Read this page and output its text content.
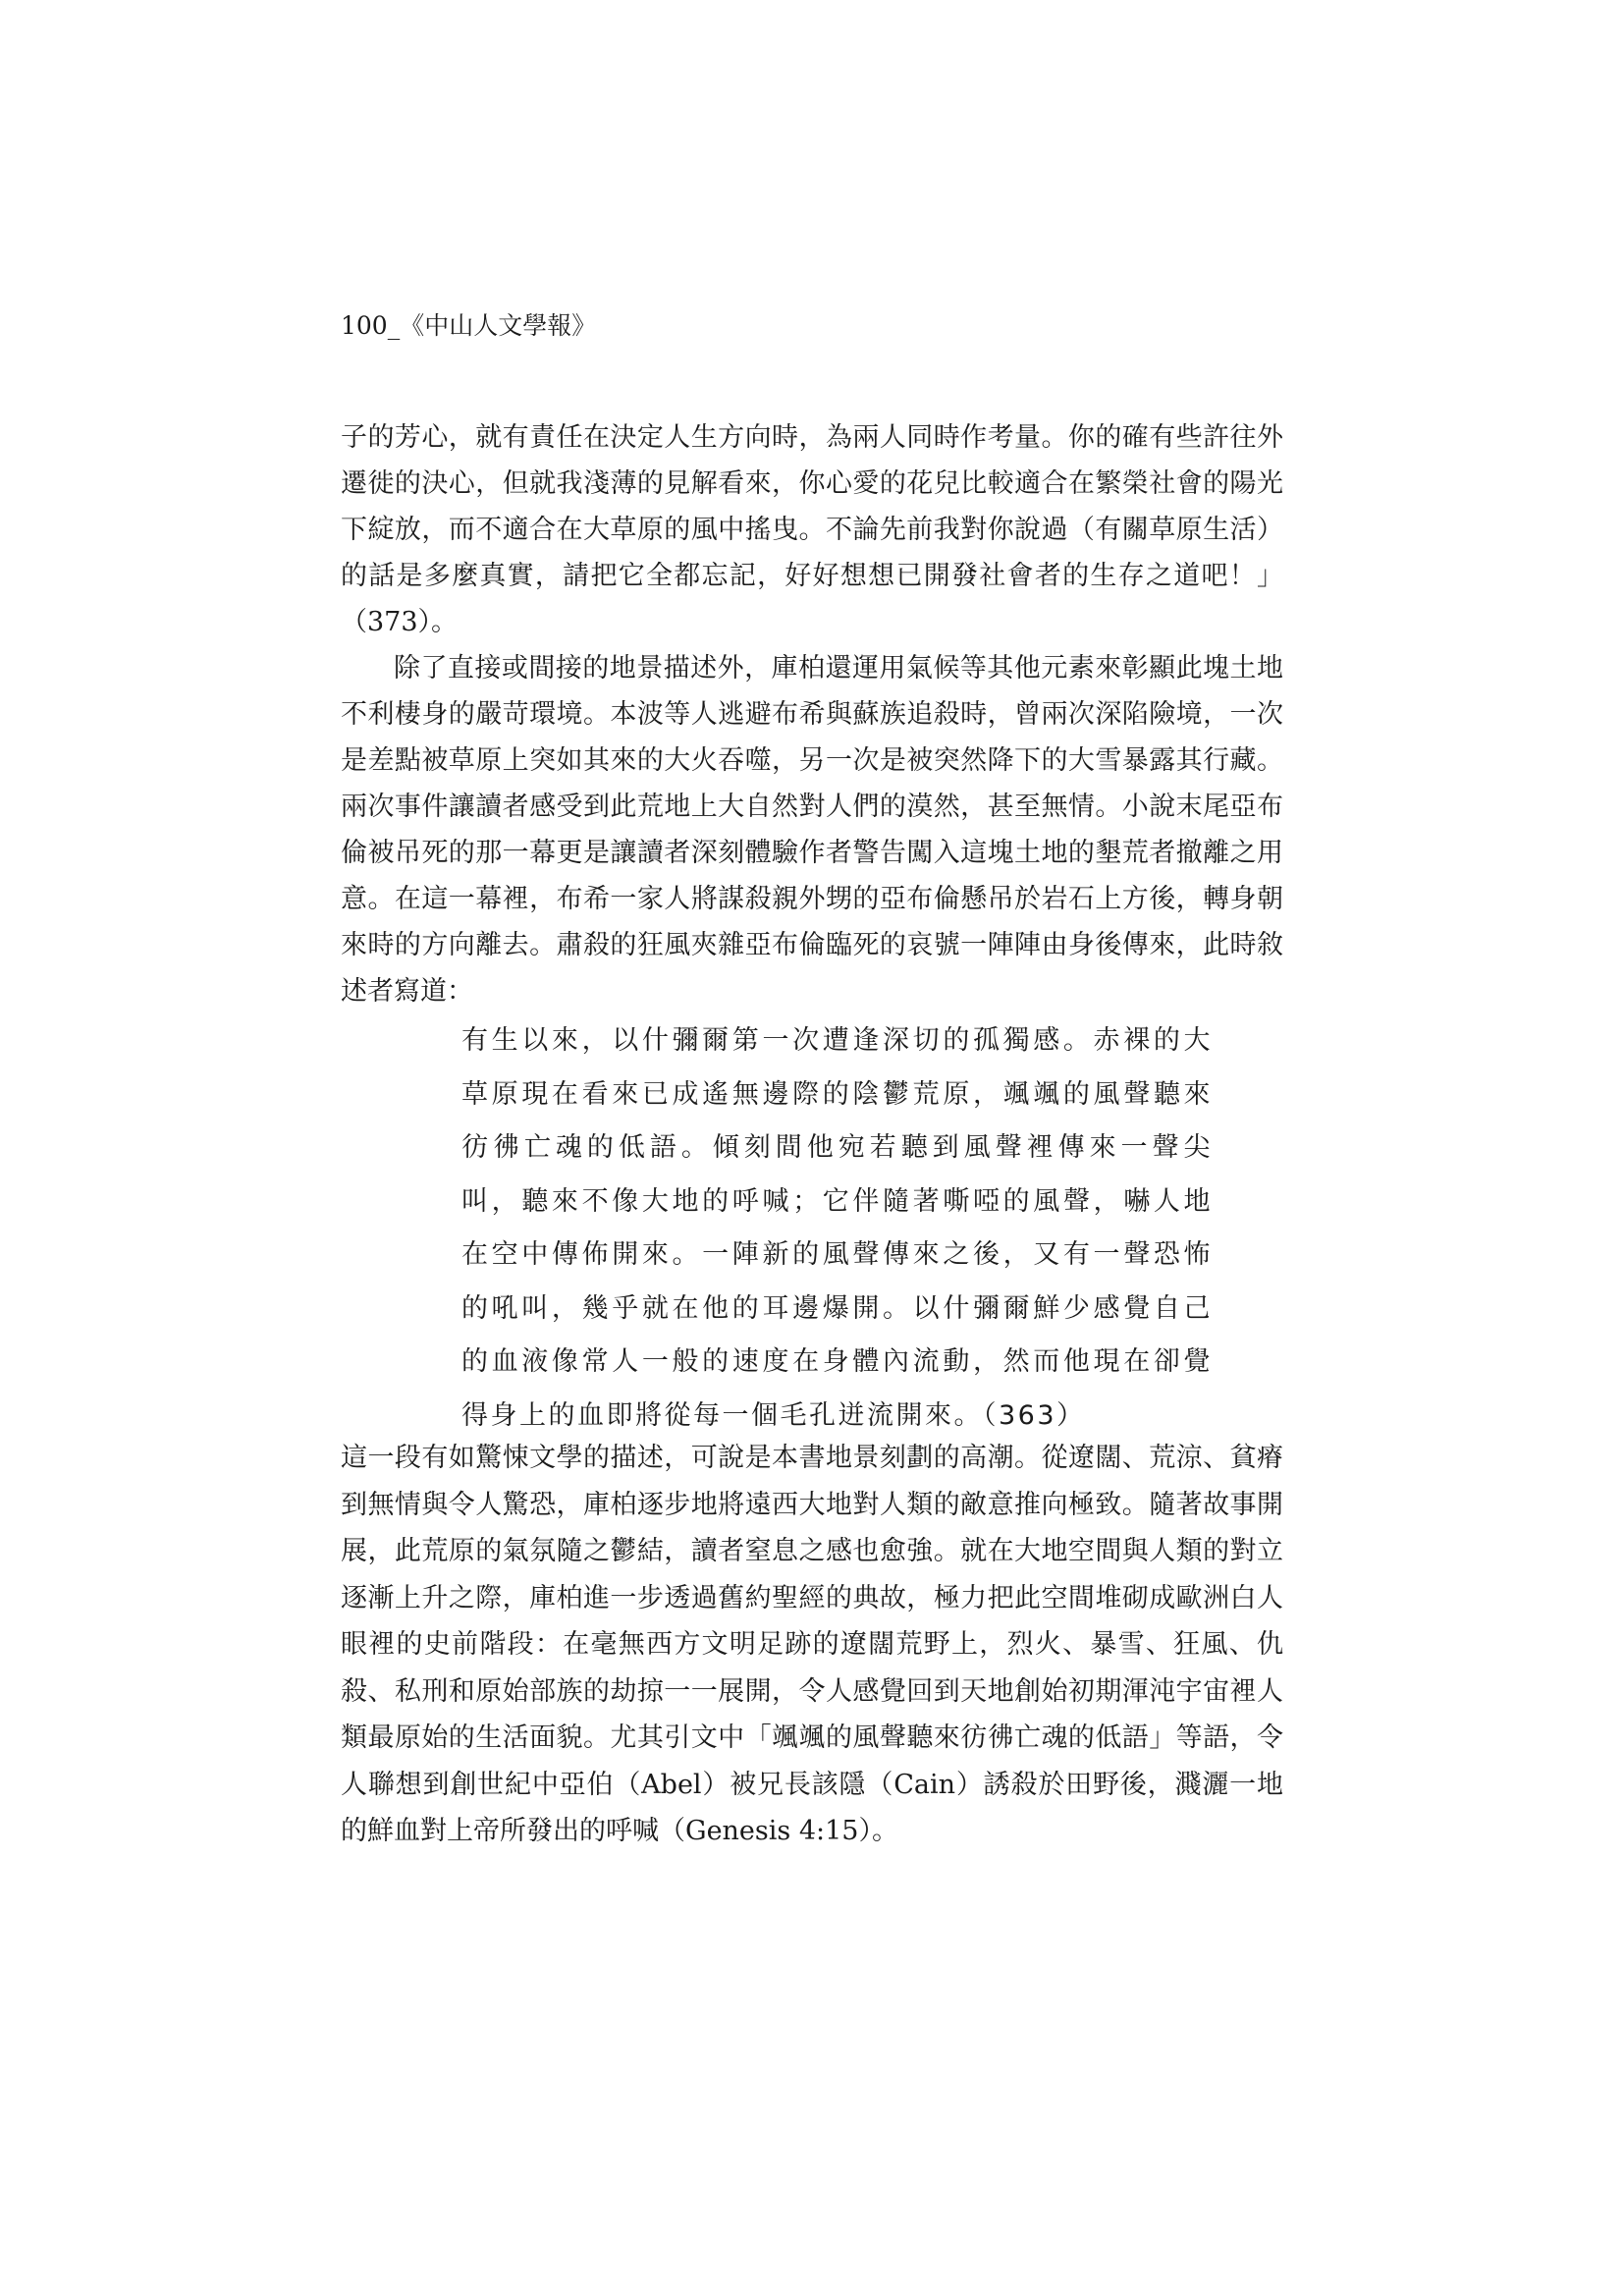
100_《中山人文學報》

子的芳心，就有責任在決定人生方向時，為兩人同時作考量。你的確有些許往外遷徙的決心，但就我淺薄的見解看來，你心愛的花兒比較適合在繁榮社會的陽光下綻放，而不適合在大草原的風中搖曳。不論先前我對你說過（有關草原生活）的話是多麼真實，請把它全都忘記，好好想想已開發社會者的生存之道吧！」（373）。

除了直接或間接的地景描述外，庫柏還運用氣候等其他元素來彰顯此塊土地不利棲身的嚴苛環境。本波等人逃避布希與蘇族追殺時，曾兩次深陷險境，一次是差點被草原上突如其來的大火吞噬，另一次是被突然降下的大雪暴露其行藏。兩次事件讓讀者感受到此荒地上大自然對人們的漠然，甚至無情。小說末尾亞布倫被吊死的那一幕更是讓讀者深刻體驗作者警告闖入這塊土地的墾荒者撤離之用意。在這一幕裡，布希一家人將謀殺親外甥的亞布倫懸吊於岩石上方後，轉身朝來時的方向離去。肅殺的狂風夾雜亞布倫臨死的哀號一陣陣由身後傳來，此時敘述者寫道：

有生以來，以什彌爾第一次遭逢深切的孤獨感。赤裸的大草原現在看來已成遙無邊際的陰鬱荒原，颯颯的風聲聽來彷彿亡魂的低語。傾刻間他宛若聽到風聲裡傳來一聲尖叫，聽來不像大地的呼喊；它伴隨著嘶啞的風聲，嚇人地在空中傳佈開來。一陣新的風聲傳來之後，又有一聲恐怖的吼叫，幾乎就在他的耳邊爆開。以什彌爾鮮少感覺自己的血液像常人一般的速度在身體內流動，然而他現在卻覺得身上的血即將從每一個毛孔迸流開來。（363）

這一段有如驚悚文學的描述，可說是本書地景刻劃的高潮。從遼闊、荒涼、貧瘠到無情與令人驚恐，庫柏逐步地將遠西大地對人類的敵意推向極致。隨著故事開展，此荒原的氣氛隨之鬱結，讀者窒息之感也愈強。就在大地空間與人類的對立逐漸上升之際，庫柏進一步透過舊約聖經的典故，極力把此空間堆砌成歐洲白人眼裡的史前階段：在毫無西方文明足跡的遼闊荒野上，烈火、暴雪、狂風、仇殺、私刑和原始部族的劫掠一一展開，令人感覺回到天地創始初期渾沌宇宙裡人類最原始的生活面貌。尤其引文中「颯颯的風聲聽來彷彿亡魂的低語」等語，令人聯想到創世紀中亞伯（Abel）被兄長該隱（Cain）誘殺於田野後，濺灑一地的鮮血對上帝所發出的呼喊（Genesis 4:15）。
